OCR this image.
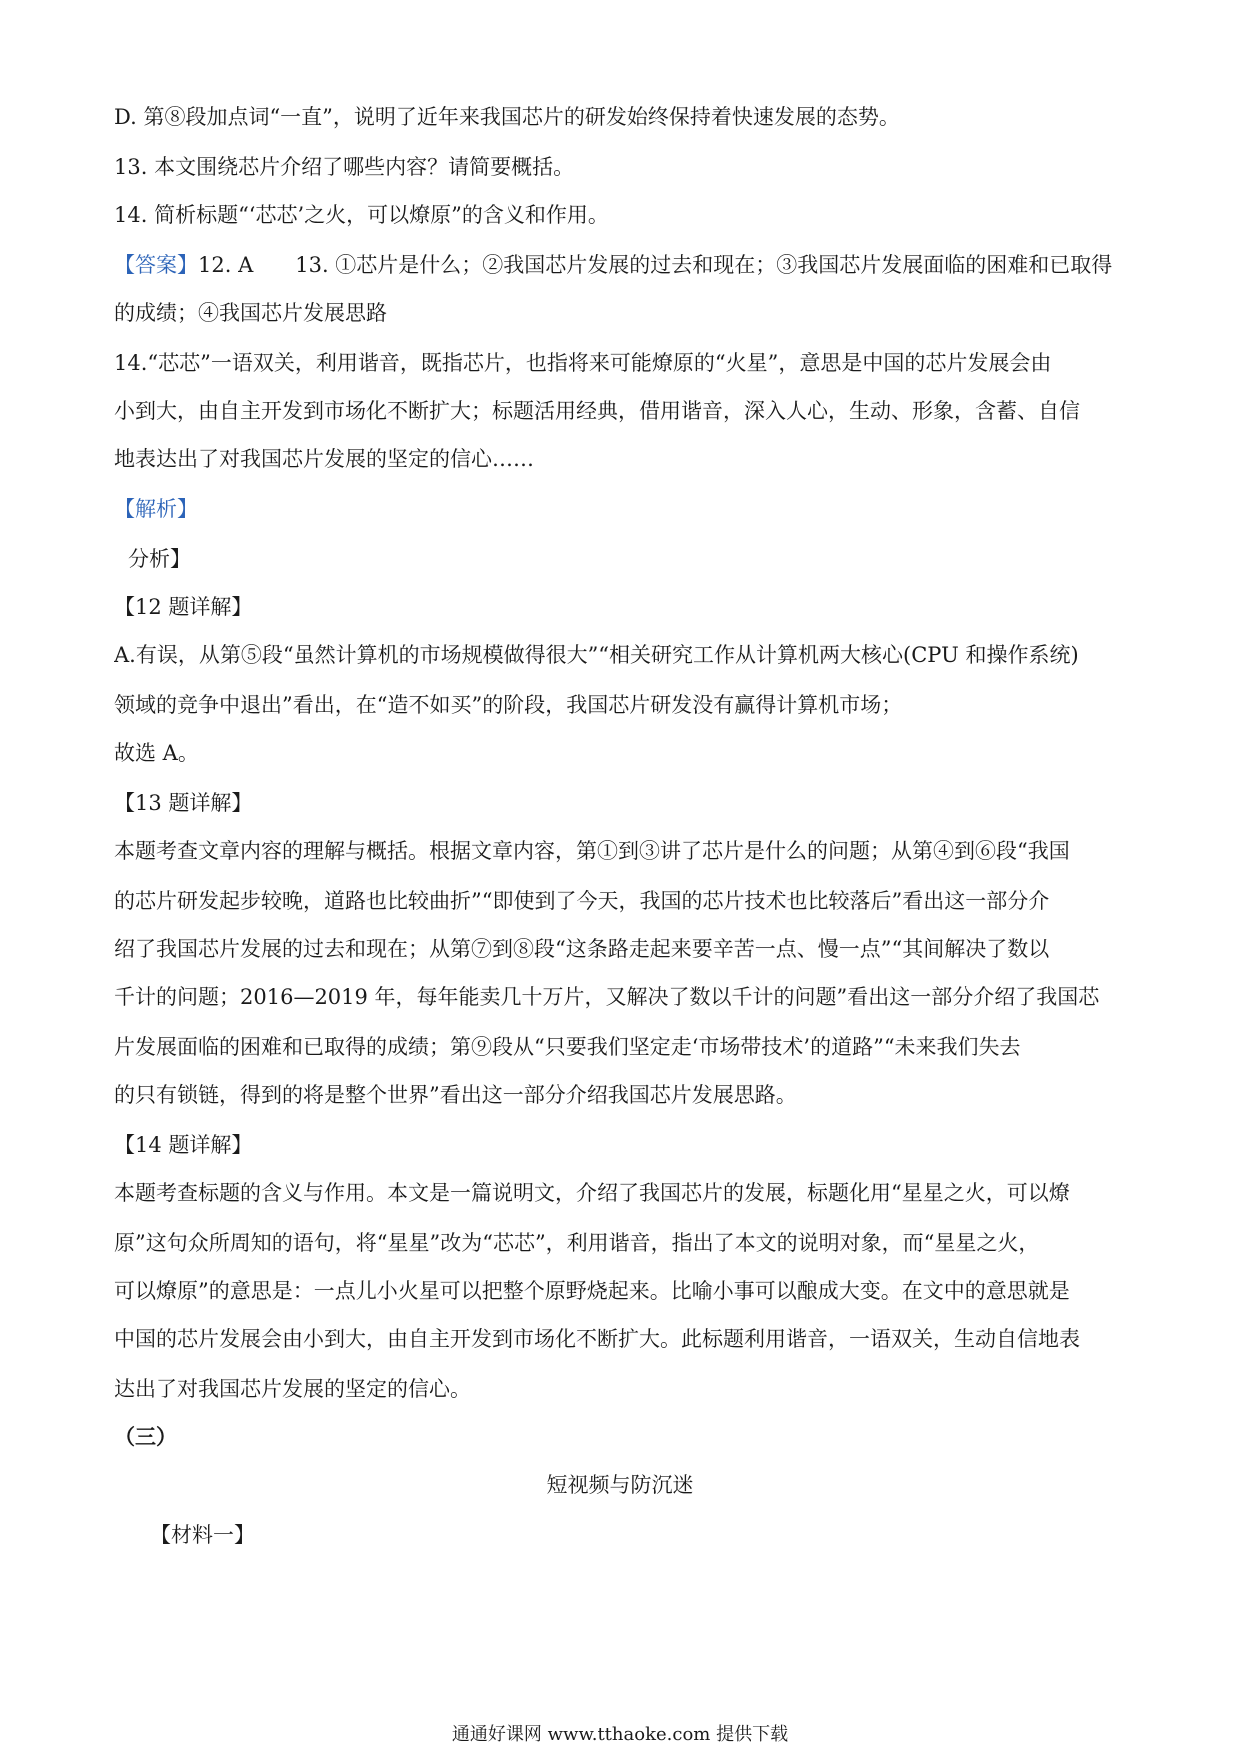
D. 第⑧段加点词“一直”，说明了近年来我国芯片的研发始终保持着快速发展的态势。
13. 本文围绕芯片介绍了哪些内容？请简要概括。
14. 简析标题“‘芯芯’之火，可以燎原”的含义和作用。
【答案】12. A　　13. ①芯片是什么；②我国芯片发展的过去和现在；③我国芯片发展面临的困难和已取得
的成绩；④我国芯片发展思路
14.“芯芯”一语双关，利用谐音，既指芯片，也指将来可能燎原的“火星”，意思是中国的芯片发展会由
小到大，由自主开发到市场化不断扩大；标题活用经典，借用谐音，深入人心，生动、形象，含蓄、自信
地表达出了对我国芯片发展的坚定的信心……
【解析】
分析】
【12 题详解】
A.有误，从第⑤段“虽然计算机的市场规模做得很大”“相关研究工作从计算机两大核心(CPU 和操作系统)
领域的竞争中退出”看出，在“造不如买”的阶段，我国芯片研发没有赢得计算机市场；
故选 A。
【13 题详解】
本题考查文章内容的理解与概括。根据文章内容，第①到③讲了芯片是什么的问题；从第④到⑥段“我国
的芯片研发起步较晚，道路也比较曲折”“即使到了今天，我国的芯片技术也比较落后”看出这一部分介
绍了我国芯片发展的过去和现在；从第⑦到⑧段“这条路走起来要辛苦一点、慢一点”“其间解决了数以
千计的问题；2016—2019 年，每年能卖几十万片，又解决了数以千计的问题”看出这一部分介绍了我国芯
片发展面临的困难和已取得的成绩；第⑨段从“只要我们坚定走‘市场带技术’的道路”“未来我们失去
的只有锁链，得到的将是整个世界”看出这一部分介绍我国芯片发展思路。
【14 题详解】
本题考查标题的含义与作用。本文是一篇说明文，介绍了我国芯片的发展，标题化用“星星之火，可以燎
原”这句众所周知的语句，将“星星”改为“芯芯”，利用谐音，指出了本文的说明对象，而“星星之火，
可以燎原”的意思是：一点儿小火星可以把整个原野烧起来。比喻小事可以酿成大变。在文中的意思就是
中国的芯片发展会由小到大，由自主开发到市场化不断扩大。此标题利用谐音，一语双关，生动自信地表
达出了对我国芯片发展的坚定的信心。
（三）
短视频与防沉迷
【材料一】
通通好课网 www.tthaoke.com 提供下载
